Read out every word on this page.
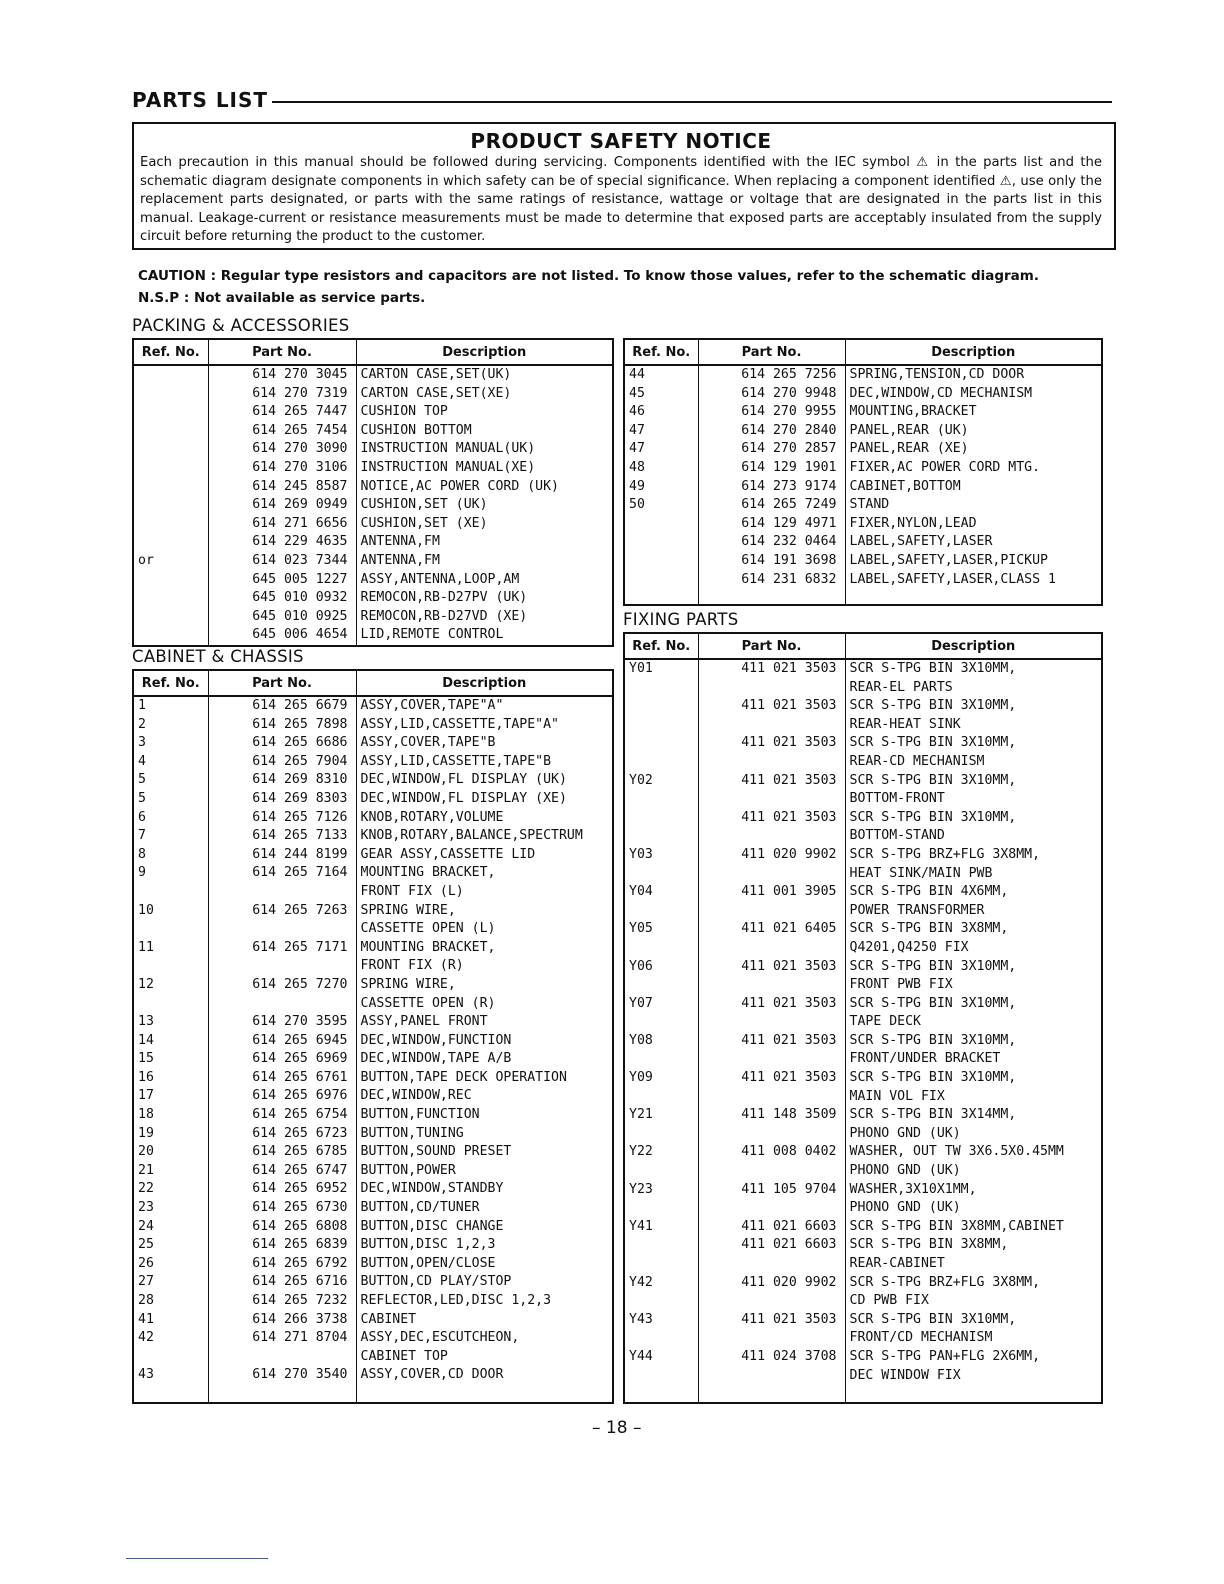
PARTS LIST
PRODUCT SAFETY NOTICE

Each precaution in this manual should be followed during servicing. Components identified with the IEC symbol ⚠ in the parts list and the schematic diagram designate components in which safety can be of special significance. When replacing a component identified ⚠, use only the replacement parts designated, or parts with the same ratings of resistance, wattage or voltage that are designated in the parts list in this manual. Leakage-current or resistance measurements must be made to determine that exposed parts are acceptably insulated from the supply circuit before returning the product to the customer.

CAUTION : Regular type resistors and capacitors are not listed. To know those values, refer to the schematic diagram.
N.S.P : Not available as service parts.
PACKING & ACCESSORIES
Ref. No.	Part No.	Description
	614 270 3045	CARTON CASE,SET(UK)
	614 270 7319	CARTON CASE,SET(XE)
	614 265 7447	CUSHION TOP
	614 265 7454	CUSHION BOTTOM
	614 270 3090	INSTRUCTION MANUAL(UK)
	614 270 3106	INSTRUCTION MANUAL(XE)
	614 245 8587	NOTICE,AC POWER CORD (UK)
	614 269 0949	CUSHION,SET (UK)
	614 271 6656	CUSHION,SET (XE)
	614 229 4635	ANTENNA,FM
or	614 023 7344	ANTENNA,FM
	645 005 1227	ASSY,ANTENNA,LOOP,AM
	645 010 0932	REMOCON,RB-D27PV (UK)
	645 010 0925	REMOCON,RB-D27VD (XE)
	645 006 4654	LID,REMOTE CONTROL
CABINET & CHASSIS
Ref. No.	Part No.	Description
1	614 265 6679	ASSY,COVER,TAPE"A"
2	614 265 7898	ASSY,LID,CASSETTE,TAPE"A"
3	614 265 6686	ASSY,COVER,TAPE"B
4	614 265 7904	ASSY,LID,CASSETTE,TAPE"B
5	614 269 8310	DEC,WINDOW,FL DISPLAY (UK)
5	614 269 8303	DEC,WINDOW,FL DISPLAY (XE)
6	614 265 7126	KNOB,ROTARY,VOLUME
7	614 265 7133	KNOB,ROTARY,BALANCE,SPECTRUM
8	614 244 8199	GEAR ASSY,CASSETTE LID
9	614 265 7164	MOUNTING BRACKET,
		FRONT FIX (L)
10	614 265 7263	SPRING WIRE,
		CASSETTE OPEN (L)
11	614 265 7171	MOUNTING BRACKET,
		FRONT FIX (R)
12	614 265 7270	SPRING WIRE,
		CASSETTE OPEN (R)
13	614 270 3595	ASSY,PANEL FRONT
14	614 265 6945	DEC,WINDOW,FUNCTION
15	614 265 6969	DEC,WINDOW,TAPE A/B
16	614 265 6761	BUTTON,TAPE DECK OPERATION
17	614 265 6976	DEC,WINDOW,REC
18	614 265 6754	BUTTON,FUNCTION
19	614 265 6723	BUTTON,TUNING
20	614 265 6785	BUTTON,SOUND PRESET
21	614 265 6747	BUTTON,POWER
22	614 265 6952	DEC,WINDOW,STANDBY
23	614 265 6730	BUTTON,CD/TUNER
24	614 265 6808	BUTTON,DISC CHANGE
25	614 265 6839	BUTTON,DISC 1,2,3
26	614 265 6792	BUTTON,OPEN/CLOSE
27	614 265 6716	BUTTON,CD PLAY/STOP
28	614 265 7232	REFLECTOR,LED,DISC 1,2,3
41	614 266 3738	CABINET
42	614 271 8704	ASSY,DEC,ESCUTCHEON,
		CABINET TOP
43	614 270 3540	ASSY,COVER,CD DOOR

Ref. No.	Part No.	Description
44	614 265 7256	SPRING,TENSION,CD DOOR
45	614 270 9948	DEC,WINDOW,CD MECHANISM
46	614 270 9955	MOUNTING,BRACKET
47	614 270 2840	PANEL,REAR (UK)
47	614 270 2857	PANEL,REAR (XE)
48	614 129 1901	FIXER,AC POWER CORD MTG.
49	614 273 9174	CABINET,BOTTOM
50	614 265 7249	STAND
	614 129 4971	FIXER,NYLON,LEAD
	614 232 0464	LABEL,SAFETY,LASER
	614 191 3698	LABEL,SAFETY,LASER,PICKUP
	614 231 6832	LABEL,SAFETY,LASER,CLASS 1

FIXING PARTS
Ref. No.	Part No.	Description
Y01	411 021 3503	SCR S-TPG BIN 3X10MM,
		REAR-EL PARTS
	411 021 3503	SCR S-TPG BIN 3X10MM,
		REAR-HEAT SINK
	411 021 3503	SCR S-TPG BIN 3X10MM,
		REAR-CD MECHANISM
Y02	411 021 3503	SCR S-TPG BIN 3X10MM,
		BOTTOM-FRONT
	411 021 3503	SCR S-TPG BIN 3X10MM,
		BOTTOM-STAND
Y03	411 020 9902	SCR S-TPG BRZ+FLG 3X8MM,
		HEAT SINK/MAIN PWB
Y04	411 001 3905	SCR S-TPG BIN 4X6MM,
		POWER TRANSFORMER
Y05	411 021 6405	SCR S-TPG BIN 3X8MM,
		Q4201,Q4250 FIX
Y06	411 021 3503	SCR S-TPG BIN 3X10MM,
		FRONT PWB FIX
Y07	411 021 3503	SCR S-TPG BIN 3X10MM,
		TAPE DECK
Y08	411 021 3503	SCR S-TPG BIN 3X10MM,
		FRONT/UNDER BRACKET
Y09	411 021 3503	SCR S-TPG BIN 3X10MM,
		MAIN VOL FIX
Y21	411 148 3509	SCR S-TPG BIN 3X14MM,
		PHONO GND (UK)
Y22	411 008 0402	WASHER, OUT TW 3X6.5X0.45MM
		PHONO GND (UK)
Y23	411 105 9704	WASHER,3X10X1MM,
		PHONO GND (UK)
Y41	411 021 6603	SCR S-TPG BIN 3X8MM,CABINET
	411 021 6603	SCR S-TPG BIN 3X8MM,
		REAR-CABINET
Y42	411 020 9902	SCR S-TPG BRZ+FLG 3X8MM,
		CD PWB FIX
Y43	411 021 3503	SCR S-TPG BIN 3X10MM,
		FRONT/CD MECHANISM
Y44	411 024 3708	SCR S-TPG PAN+FLG 2X6MM,
		DEC WINDOW FIX

– 18 –
